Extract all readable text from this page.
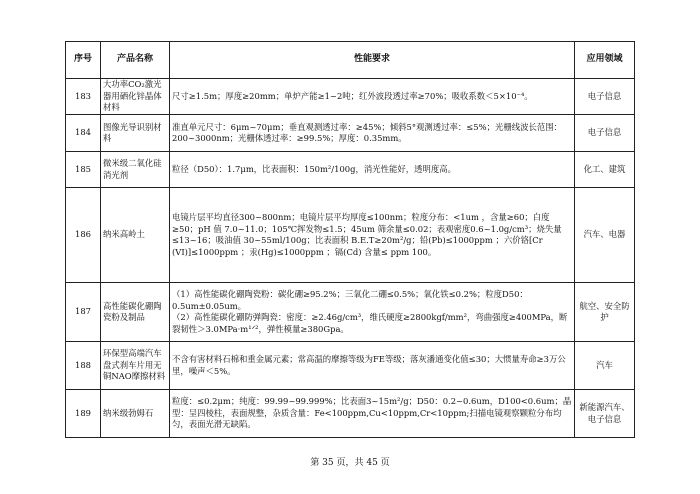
序号	产品名称	性能要求	应用领域
183	大功率CO₂激光器用硒化锌晶体材料	尺寸≥1.5m；厚度≥20mm；单炉产能≥1~2吨；红外波段透过率≥70%；吸收系数＜5×10⁻⁴。	电子信息
184	图像光导识别材料	准直单元尺寸：6μm~70μm；垂直观测透过率：≥45%；倾斜5°观测透过率：≤5%；光栅线波长范围：200~3000nm；光栅体透过率：≥99.5%；厚度：0.35mm。	电子信息
185	微米级二氧化硅消光剂	粒径（D50）：1.7μm，比表面积：150m²/100g，消光性能好，透明度高。	化工、建筑
186	纳米高岭土	电镜片层平均直径300~800nm；电镜片层平均厚度≤100nm；粒度分布：<1um ，含量≥60；白度≥50；pH 值 7.0~11.0；105℃挥发物≤1.5；45um 筛余量≤0.02；表观密度0.6~1.0g/cm³；烧失量≤13~16；吸油值 30~55ml/100g；比表面积 B.E.T≥20m²/g；铅(Pb)≤1000ppm ；六价铬[Cr (VI)]≤1000ppm ；汞(Hg)≤1000ppm ；镉(Cd) 含量≤ ppm 100。	汽车、电器
187	高性能碳化硼陶瓷粉及制品	（1）高性能碳化硼陶瓷粉：碳化硼≥95.2%；三氧化二硼≤0.5%；氧化铁≤0.2%；粒度D50：0.5um±0.05um。
（2）高性能碳化硼防弹陶瓷：密度：≥2.46g/cm³，维氏硬度≥2800kgf/mm²，弯曲强度≥400MPa，断裂韧性＞3.0MPa·m¹ᐟ²，弹性模量≥380Gpa。	航空、安全防护
188	环保型高端汽车盘式刹车片用无铜NAO摩擦材料	不含有害材料石棉和重金属元素；常高温的摩擦等级为FE等级；落灰潘通变化值≤30；大惯量寿命≥3万公里，噪声＜5%。	汽车
189	纳米级勃姆石	粒度：≤0.2μm；纯度：99.99~99.999%；比表面3~15m²/g；D50：0.2~0.6um，D100<0.6um；晶型：呈四棱柱，表面规整，杂质含量：Fe<100ppm,Cu<10ppm,Cr<10ppm;扫描电镜观察颗粒分布均匀，表面光滑无缺陷。	新能源汽车、电子信息
第 35 页，共 45 页
